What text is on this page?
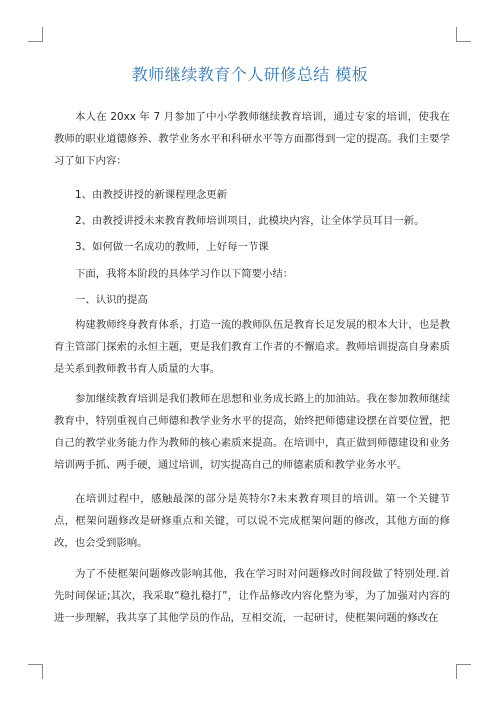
教师继续教育个人研修总结 模板

本人在 20xx 年 7 月参加了中小学教师继续教育培训，通过专家的培训，使我在教师的职业道德修养、教学业务水平和科研水平等方面都得到一定的提高。我们主要学习了如下内容：

1、由教授讲授的新课程理念更新

2、由教授讲授未来教育教师培训项目，此模块内容，让全体学员耳目一新。

3、如何做一名成功的教师，上好每一节课

下面，我将本阶段的具体学习作以下简要小结：

一、认识的提高

构建教师终身教育体系，打造一流的教师队伍是教育长足发展的根本大计，也是教育主管部门探索的永恒主题，更是我们教育工作者的不懈追求。教师培训提高自身素质是关系到教师教书育人质量的大事。

参加继续教育培训是我们教师在思想和业务成长路上的加油站。我在参加教师继续教育中，特别重视自己师德和教学业务水平的提高，始终把师德建设摆在首要位置，把自己的教学业务能力作为教师的核心素质来提高。在培训中，真正做到师德建设和业务培训两手抓、两手硬，通过培训，切实提高自己的师德素质和教学业务水平。

在培训过程中，感触最深的部分是英特尔?未来教育项目的培训。第一个关键节点，框架问题修改是研修重点和关键，可以说不完成框架问题的修改，其他方面的修改，也会受到影响。

为了不使框架问题修改影响其他，我在学习时对问题修改时间段做了特别处理.首先时间保证;其次，我采取“稳扎稳打”，让作品修改内容化整为零，为了加强对内容的进一步理解，我共享了其他学员的作品，互相交流，一起研讨，使框架问题的修改在
